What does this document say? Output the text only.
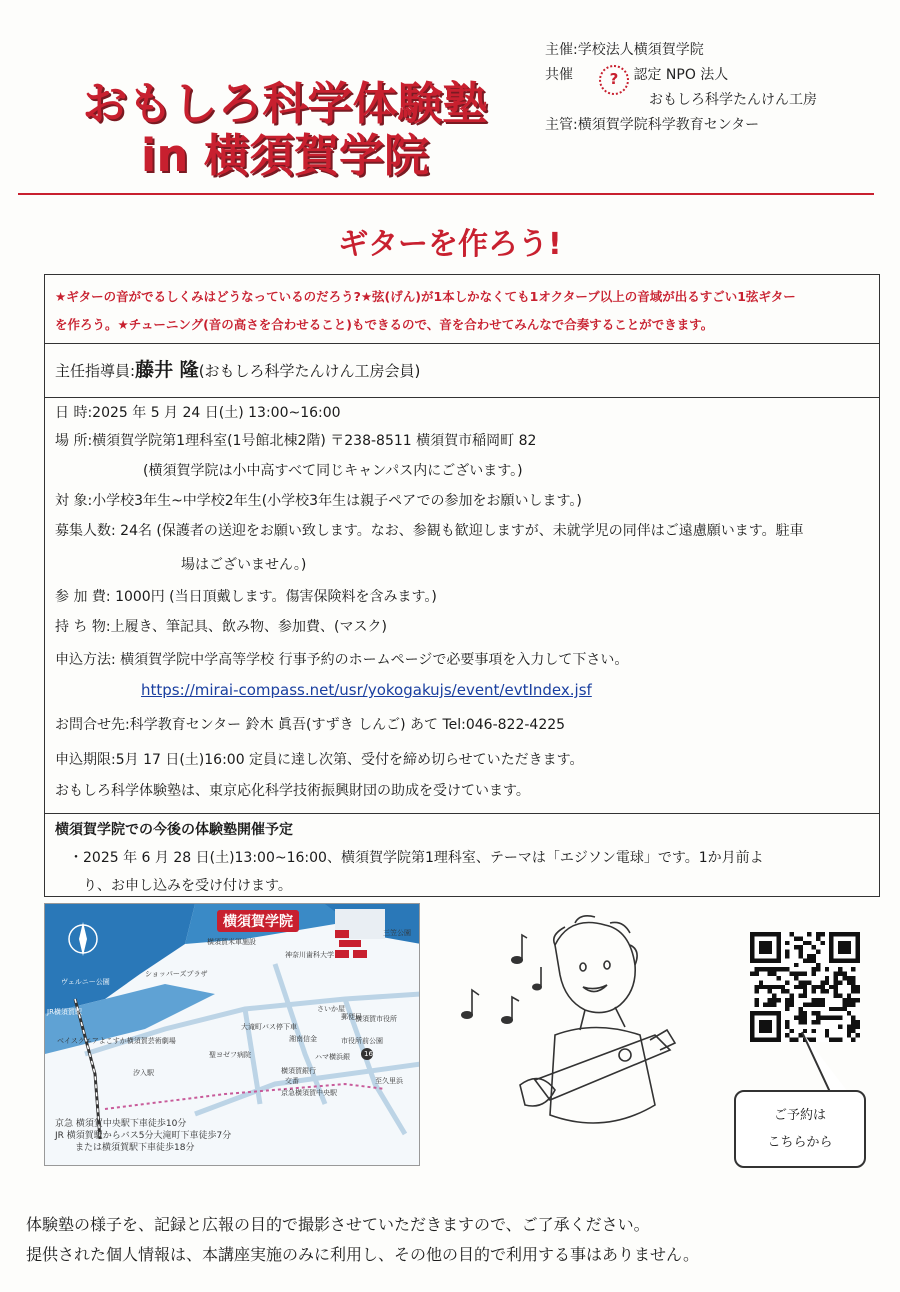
おもしろ科学体験塾
in 横須賀学院
主催:学校法人横須賀学院
共催	?	認定 NPO 法人
おもしろ科学たんけん工房
主管:横須賀学院科学教育センター
ギターを作ろう!
★ギターの音がでるしくみはどうなっているのだろう?★弦(げん)が1本しかなくても1オクターブ以上の音域が出るすごい1弦ギター
を作ろう。★チューニング(音の高さを合わせること)もできるので、音を合わせてみんなで合奏することができます。
主任指導員:藤井 隆(おもしろ科学たんけん工房会員)
日 時:2025 年 5 月 24 日(土) 13:00~16:00
場 所:横須賀学院第1理科室(1号館北棟2階) 〒238-8511 横須賀市稲岡町 82
(横須賀学院は小中高すべて同じキャンパス内にございます。)
対 象:小学校3年生~中学校2年生(小学校3年生は親子ペアでの参加をお願いします。)
募集人数: 24名 (保護者の送迎をお願い致します。なお、参観も歓迎しますが、未就学児の同伴はご遠慮願います。駐車
場はございません。)
参 加 費: 1000円 (当日頂戴します。傷害保険料を含みます。)
持 ち 物:上履き、筆記具、飲み物、参加費、(マスク)
申込方法: 横須賀学院中学高等学校 行事予約のホームページで必要事項を入力して下さい。
https://mirai-compass.net/usr/yokogakujs/event/evtIndex.jsf
お問合せ先:科学教育センター 鈴木 眞吾(すずき しんご) あて Tel:046-822-4225
申込期限:5月 17 日(土)16:00 定員に達し次第、受付を締め切らせていただきます。
おもしろ科学体験塾は、東京応化科学技術振興財団の助成を受けています。
横須賀学院での今後の体験塾開催予定
・2025 年 6 月 28 日(土)13:00~16:00、横須賀学院第1理科室、テーマは「エジソン電球」です。1か月前よ
り、お申し込みを受け付けます。
横須賀学院
横須賀米軍施設
神奈川歯科大学
三笠公園
ヴェルニー公園
ショッパーズプラザ
JR横須賀駅	さいか屋
郵便局
横須賀市役所
大滝町バス停下車
湘南信金	市役所前公園
聖ヨゼフ病院
ベイスクエアよこすか横須賀芸術劇場
汐入駅	横須賀銀行
ハマ横浜銀
交番
京急横須賀中央駅
至久里浜
16
京急 横須賀中央駅下車徒歩10分
JR 横須賀駅からバス5分大滝町下車徒歩7分
または横須賀駅下車徒歩18分
ご予約は
こちらから
体験塾の様子を、記録と広報の目的で撮影させていただきますので、ご了承ください。
提供された個人情報は、本講座実施のみに利用し、その他の目的で利用する事はありません。
